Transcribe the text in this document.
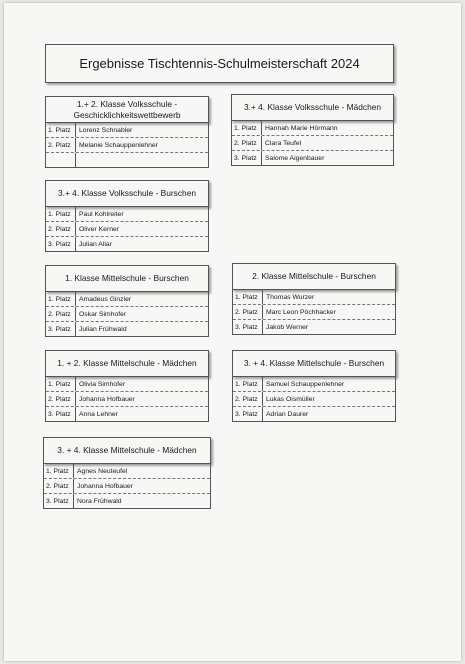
Ergebnisse Tischtennis-Schulmeisterschaft 2024
1.+ 2. Klasse Volksschule - Geschicklichkeitswettbewerb
1. Platz	Lorenz Schnabler
2. Platz	Melanie Schauppenlehner
3.+ 4. Klasse Volksschule - Mädchen
1. Platz	Hannah Marie Hörmann
2. Platz	Clara Teufel
3. Platz	Salome Aigenbauer
3.+ 4. Klasse Volksschule - Burschen
1. Platz	Paul Kohlreiter
2. Platz	Oliver Kerner
3. Platz	Julian Allar
1. Klasse Mittelschule - Burschen
1. Platz	Amadeus Ginzler
2. Platz	Oskar Simhofer
3. Platz	Julian Frühwald
2. Klasse Mittelschule - Burschen
1. Platz	Thomas Wurzer
2. Platz	Marc Leon Pöchhacker
3. Platz	Jakob Werner
1. + 2. Klasse Mittelschule - Mädchen
1. Platz	Olivia Simhofer
2. Platz	Johanna Hofbauer
3. Platz	Anna Lehner
3. + 4. Klasse Mittelschule - Burschen
1. Platz	Samuel Schauppenlehner
2. Platz	Lukas Oismüller
3. Platz	Adrian Daurer
3. + 4. Klasse Mittelschule - Mädchen
1. Platz	Agnes Neuteufel
2. Platz	Johanna Hofbauer
3. Platz	Nora Frühwald
